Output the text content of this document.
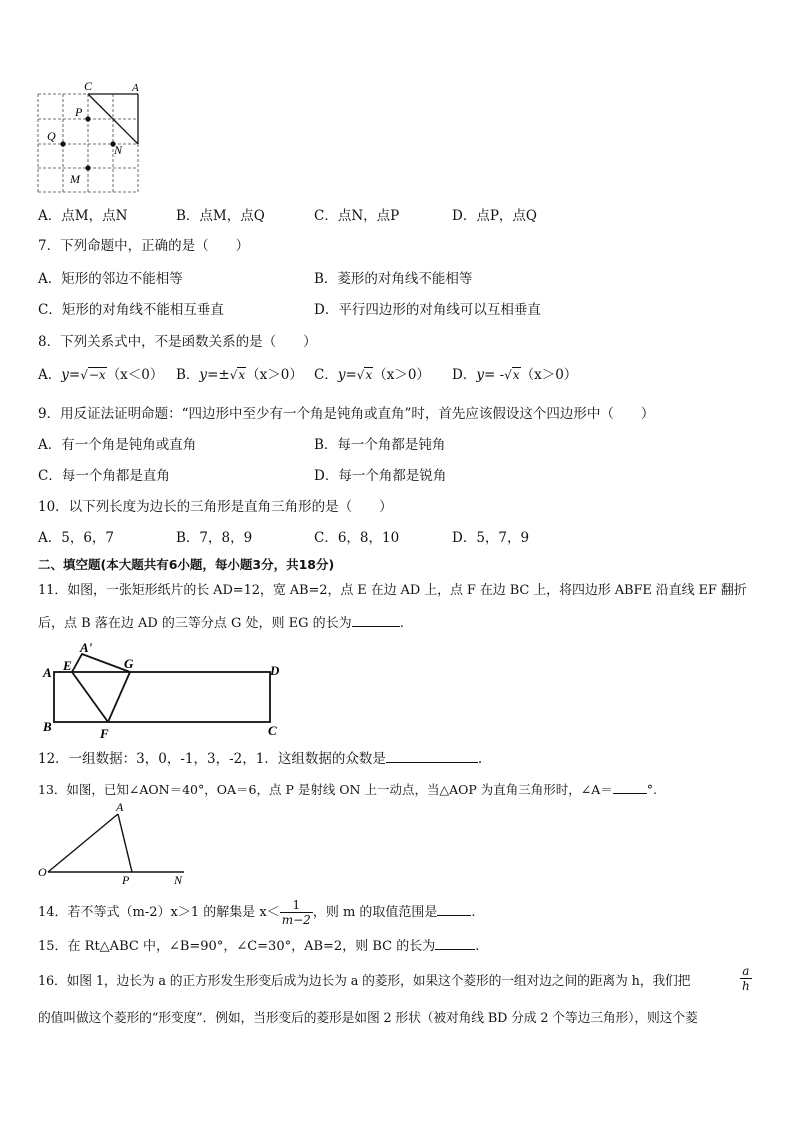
C	A
P
Q
N
M
A．点M，点N	B．点M，点Q	C．点N，点P	D．点P，点Q
7．下列命题中，正确的是（　　）
A．矩形的邻边不能相等	B．菱形的对角线不能相等
C．矩形的对角线不能相互垂直	D．平行四边形的对角线可以互相垂直
8．下列关系式中，不是函数关系的是（　　）
A．y=√−x（x＜0） B．y=±√x（x＞0） C．y=√x（x＞0） D．y= -√x（x＞0）
9．用反证法证明命题：“四边形中至少有一个角是钝角或直角”时，首先应该假设这个四边形中（　　）
A．有一个角是钝角或直角	B．每一个角都是钝角
C．每一个角都是直角	D．每一个角都是锐角
10．以下列长度为边长的三角形是直角三角形的是（　　）
A．5，6，7	B．7，8，9	C．6，8，10	D．5，7，9
二、填空题(本大题共有6小题，每小题3分，共18分)
11．如图，一张矩形纸片的长 AD=12，宽 AB=2，点 E 在边 AD 上，点 F 在边 BC 上，将四边形 ABFE 沿直线 EF 翻折
后，点 B 落在边 AD 的三等分点 G 处，则 EG 的长为	.
A'
E	G	D
A
B	F	C
12．一组数据：3，0，-1，3，-2，1．这组数据的众数是	.
13．如图，已知∠AON＝40°，OA＝6，点 P 是射线 ON 上一动点，当△AOP 为直角三角形时，∠A＝	°.
A
O
P	N
14．若不等式（m-2）x＞1 的解集是 $x< \frac{1}{m-2}$ ，则 m 的取值范围是	.
15．在 Rt△ABC 中，∠B=90°，∠C=30°，AB=2，则 BC 的长为	.
16．如图 1，边长为 a 的正方形发生形变后成为边长为 a 的菱形，如果这个菱形的一组对边之间的距离为 h，我们把	$\frac{a}{h}$
的值叫做这个菱形的“形变度”．例如，当形变后的菱形是如图 2 形状（被对角线 BD 分成 2 个等边三角形），则这个菱
